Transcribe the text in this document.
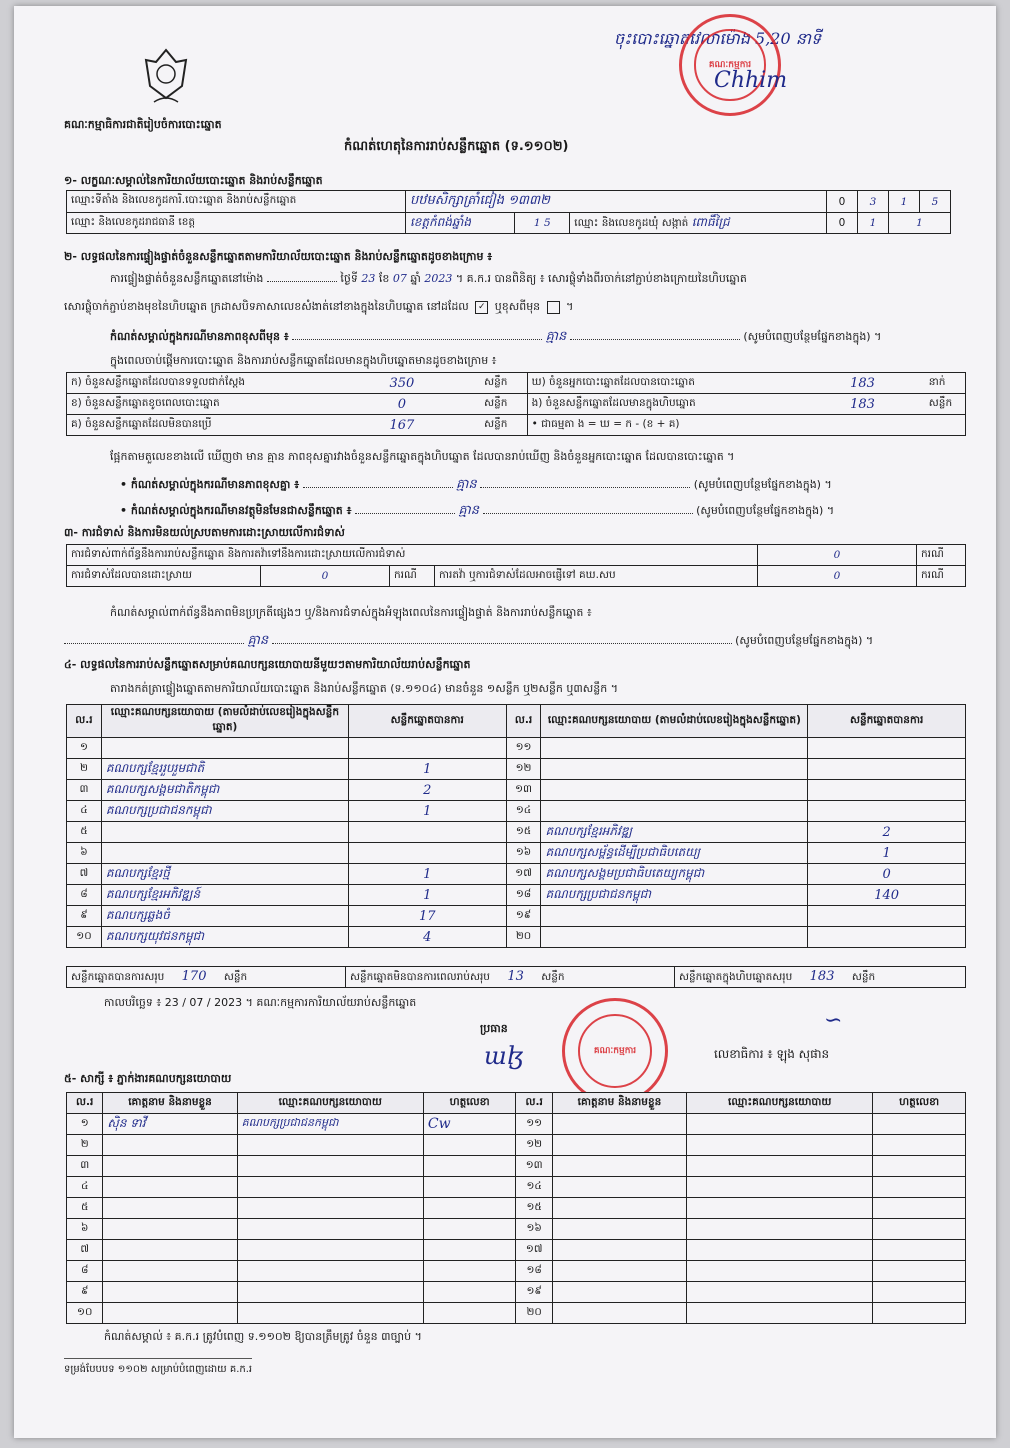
គណៈកម្មាធិការជាតិរៀបចំការបោះឆ្នោត
ចុះបោះឆ្នោតវេលាម៉ោង 5,20 នាទី
គណៈកម្មការ
Chhim
កំណត់ហេតុនៃការរាប់សន្លឹកឆ្នោត (ទ.១១០២)
១- លក្ខណៈសម្គាល់នៃការិយាល័យបោះឆ្នោត និងរាប់សន្លឹកឆ្នោត
ឈ្មោះទីតាំង និងលេខកូដការិ.បោះឆ្នោត និងរាប់សន្លឹកឆ្នោត	បឋមសិក្សាត្រាំជៀង ១៣៣២			0	3	1	5
ឈ្មោះ និងលេខកូដរាជធានី ខេត្ត	ខេត្តកំពង់ឆ្នាំង	1 5	ឈ្មោះ និងលេខកូដឃុំ សង្កាត់ ពោធិ៍ជ្រៃ	0	1	1	
២- លទ្ធផលនៃការផ្ទៀងផ្ទាត់ចំនួនសន្លឹកឆ្នោតតាមការិយាល័យបោះឆ្នោត និងរាប់សន្លឹកឆ្នោតដូចខាងក្រោម ៖
ការផ្ទៀងផ្ទាត់ចំនួនសន្លឹកឆ្នោតនៅម៉ោង	ថ្ងៃទី 23 ខែ 07 ឆ្នាំ 2023 ។ គ.ក.រ បានពិនិត្យ ៖ សោរផ្លុំទាំងពីរចាក់នៅភ្ជាប់ខាងក្រោយនៃហិបឆ្នោត
សោរផ្លុំចាក់ភ្ជាប់ខាងមុខនៃហិបឆ្នោត ក្រដាសបិទភាសាលេខសំងាត់នៅខាងក្នុងនៃហិបឆ្នោត នៅដដែល ✓ ឬខុសពីមុន  ។
កំណត់សម្គាល់ក្នុងករណីមានភាពខុសពីមុន ៖	គ្មាន	(សូមបំពេញបន្ថែមផ្នែកខាងក្នុង) ។
ក្នុងពេលចាប់ផ្តើមការបោះឆ្នោត និងការរាប់សន្លឹកឆ្នោតដែលមានក្នុងហិបឆ្នោតមានដូចខាងក្រោម ៖
ក) ចំនួនសន្លឹកឆ្នោតដែលបានទទួលជាក់ស្តែង	350	សន្លឹក	ឃ) ចំនួនអ្នកបោះឆ្នោតដែលបានបោះឆ្នោត	183	នាក់
ខ) ចំនួនសន្លឹកឆ្នោតខូចពេលបោះឆ្នោត	0	សន្លឹក	ង) ចំនួនសន្លឹកឆ្នោតដែលមានក្នុងហិបឆ្នោត	183	សន្លឹក
គ) ចំនួនសន្លឹកឆ្នោតដែលមិនបានប្រើ	167	សន្លឹក	• ជាធម្មតា ង = ឃ = ក - (ខ + គ)		
ផ្អែកតាមតួលេខខាងលើ ឃើញថា មាន គ្មាន ភាពខុសគ្នារវាងចំនួនសន្លឹកឆ្នោតក្នុងហិបឆ្នោត ដែលបានរាប់ឃើញ និងចំនួនអ្នកបោះឆ្នោត ដែលបានបោះឆ្នោត ។
• កំណត់សម្គាល់ក្នុងករណីមានភាពខុសគ្នា ៖	គ្មាន	(សូមបំពេញបន្ថែមផ្នែកខាងក្នុង) ។
• កំណត់សម្គាល់ក្នុងករណីមានវត្ថុមិនមែនជាសន្លឹកឆ្នោត ៖	គ្មាន	(សូមបំពេញបន្ថែមផ្នែកខាងក្នុង) ។
៣- ការជំទាស់ និងការមិនយល់ស្របតាមការដោះស្រាយលើការជំទាស់
ការជំទាស់ពាក់ព័ន្ធនឹងការរាប់សន្លឹកឆ្នោត និងការតវ៉ាទៅនឹងការដោះស្រាយលើការជំទាស់				0	ករណី
ការជំទាស់ដែលបានដោះស្រាយ	0	ករណី	ការតវ៉ា ឬការជំទាស់ដែលអាចផ្ញើទៅ គឃ.សប	0	ករណី
កំណត់សម្គាល់ពាក់ព័ន្ធនឹងភាពមិនប្រក្រតីផ្សេងៗ ឬ/និងការជំទាស់ក្នុងអំឡុងពេលនៃការផ្ទៀងផ្ទាត់ និងការរាប់សន្លឹកឆ្នោត ៖
គ្មាន	(សូមបំពេញបន្ថែមផ្នែកខាងក្នុង) ។
៤- លទ្ធផលនៃការរាប់សន្លឹកឆ្នោតសម្រាប់គណបក្សនយោបាយនីមួយៗតាមការិយាល័យរាប់សន្លឹកឆ្នោត
តារាងកត់ត្រាផ្ទៀងឆ្នោតតាមការិយាល័យបោះឆ្នោត និងរាប់សន្លឹកឆ្នោត (ទ.១១០៤) មានចំនួន ១សន្លឹក ឬ២សន្លឹក ឬ៣សន្លឹក ។
ល.រ	ឈ្មោះគណបក្សនយោបាយ (តាមលំដាប់លេខរៀងក្នុងសន្លឹកឆ្នោត)	សន្លឹកឆ្នោតបានការ	ល.រ	ឈ្មោះគណបក្សនយោបាយ (តាមលំដាប់លេខរៀងក្នុងសន្លឹកឆ្នោត)	សន្លឹកឆ្នោតបានការ
១			១១		
២	គណបក្សខ្មែររួបរួមជាតិ	1	១២		
៣	គណបក្សសង្គមជាតិកម្ពុជា	2	១៣		
៤	គណបក្សប្រជាជនកម្ពុជា	1	១៤		
៥			១៥	គណបក្សខ្មែរអភិវឌ្ឍ	2
៦			១៦	គណបក្សសម្ព័ន្ធដើម្បីប្រជាធិបតេយ្យ	1
៧	គណបក្សខ្មែរថ្មី	1	១៧	គណបក្សសង្គមប្រជាធិបតេយ្យកម្ពុជា	0
៨	គណបក្សខ្មែរអភិវឌ្ឍន៍	1	១៨	គណបក្សប្រជាជនកម្ពុជា	140
៩	គណបក្សឆ្លងចំ	17	១៩		
១០	គណបក្សយុវជនកម្ពុជា	4	២០		
សន្លឹកឆ្នោតបានការសរុប 170 សន្លឹក	សន្លឹកឆ្នោតមិនបានការពេលរាប់សរុប 13 សន្លឹក	សន្លឹកឆ្នោតក្នុងហិបឆ្នោតសរុប 183 សន្លឹក
កាលបរិច្ឆេទ ៖ 23 / 07 / 2023 ។ គណៈកម្មការការិយាល័យរាប់សន្លឹកឆ្នោត
ប្រធាន
លេខាធិការ ៖ ឡុង សុផាន
គណៈកម្មការ
ɯɮ
∽
៥- សាក្សី ៖ ភ្នាក់ងារគណបក្សនយោបាយ
ល.រ	គោត្តនាម និងនាមខ្លួន	ឈ្មោះគណបក្សនយោបាយ	ហត្ថលេខា	ល.រ	គោត្តនាម និងនាមខ្លួន	ឈ្មោះគណបក្សនយោបាយ	ហត្ថលេខា
១	ស៊ិន ទាវី	គណបក្សប្រជាជនកម្ពុជា	Cw	១១			
២				១២			
៣				១៣			
៤				១៤			
៥				១៥			
៦				១៦			
៧				១៧			
៨				១៨			
៩				១៩			
១០				២០			
កំណត់សម្គាល់ ៖ គ.ក.រ ត្រូវបំពេញ ទ.១១០២ ឱ្យបានត្រឹមត្រូវ ចំនួន ៣ច្បាប់ ។
ទម្រង់បែបបទ ១១០២ សម្រាប់បំពេញដោយ គ.ក.រ
